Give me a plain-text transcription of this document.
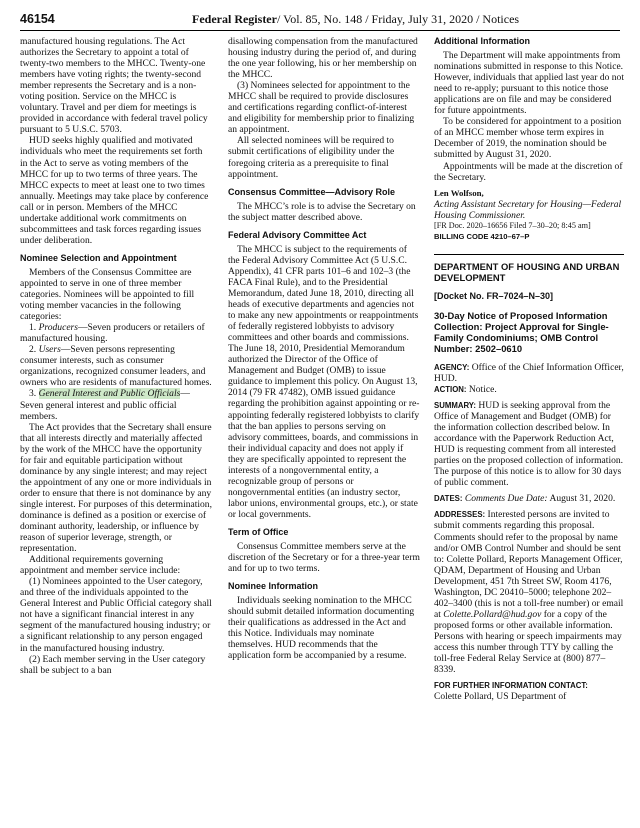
46154	Federal Register/ Vol. 85, No. 148 / Friday, July 31, 2020 / Notices

manufactured housing regulations. The Act authorizes the Secretary to appoint a total of twenty-two members to the MHCC. Twenty-one members have voting rights; the twenty-second member represents the Secretary and is a non-voting position. Service on the MHCC is voluntary. Travel and per diem for meetings is provided in accordance with federal travel policy pursuant to 5 U.S.C. 5703.

HUD seeks highly qualified and motivated individuals who meet the requirements set forth in the Act to serve as voting members of the MHCC for up to two terms of three years. The MHCC expects to meet at least one to two times annually. Meetings may take place by conference call or in person. Members of the MHCC undertake additional work commitments on subcommittees and task forces regarding issues under deliberation.

Nominee Selection and Appointment

Members of the Consensus Committee are appointed to serve in one of three member categories. Nominees will be appointed to fill voting member vacancies in the following categories:

1. Producers—Seven producers or retailers of manufactured housing.

2. Users—Seven persons representing consumer interests, such as consumer organizations, recognized consumer leaders, and owners who are residents of manufactured homes.

3. General Interest and Public Officials—Seven general interest and public official members.

The Act provides that the Secretary shall ensure that all interests directly and materially affected by the work of the MHCC have the opportunity for fair and equitable participation without dominance by any single interest; and may reject the appointment of any one or more individuals in order to ensure that there is not dominance by any single interest. For purposes of this determination, dominance is defined as a position or exercise of dominant authority, leadership, or influence by reason of superior leverage, strength, or representation.

Additional requirements governing appointment and member service include:

(1) Nominees appointed to the User category, and three of the individuals appointed to the General Interest and Public Official category shall not have a significant financial interest in any segment of the manufactured housing industry; or a significant relationship to any person engaged in the manufactured housing industry.

(2) Each member serving in the User category shall be subject to a ban

disallowing compensation from the manufactured housing industry during the period of, and during the one year following, his or her membership on the MHCC.

(3) Nominees selected for appointment to the MHCC shall be required to provide disclosures and certifications regarding conflict-of-interest and eligibility for membership prior to finalizing an appointment.

All selected nominees will be required to submit certifications of eligibility under the foregoing criteria as a prerequisite to final appointment.

Consensus Committee—Advisory Role

The MHCC’s role is to advise the Secretary on the subject matter described above.

Federal Advisory Committee Act

The MHCC is subject to the requirements of the Federal Advisory Committee Act (5 U.S.C. Appendix), 41 CFR parts 101–6 and 102–3 (the FACA Final Rule), and to the Presidential Memorandum, dated June 18, 2010, directing all heads of executive departments and agencies not to make any new appointments or reappointments of federally registered lobbyists to advisory committees and other boards and commissions. The June 18, 2010, Presidential Memorandum authorized the Director of the Office of Management and Budget (OMB) to issue guidance to implement this policy. On August 13, 2014 (79 FR 47482), OMB issued guidance regarding the prohibition against appointing or re-appointing federally registered lobbyists to clarify that the ban applies to persons serving on advisory committees, boards, and commissions in their individual capacity and does not apply if they are specifically appointed to represent the interests of a nongovernmental entity, a recognizable group of persons or nongovernmental entities (an industry sector, labor unions, environmental groups, etc.), or state or local governments.

Term of Office

Consensus Committee members serve at the discretion of the Secretary or for a three-year term and for up to two terms.

Nominee Information

Individuals seeking nomination to the MHCC should submit detailed information documenting their qualifications as addressed in the Act and this Notice. Individuals may nominate themselves. HUD recommends that the application form be accompanied by a resume.

Additional Information

The Department will make appointments from nominations submitted in response to this Notice. However, individuals that applied last year do not need to re-apply; pursuant to this notice those applications are on file and may be considered for future appointments.

To be considered for appointment to a position of an MHCC member whose term expires in December of 2019, the nomination should be submitted by August 31, 2020.

Appointments will be made at the discretion of the Secretary.

Len Wolfson,

Acting Assistant Secretary for Housing—Federal Housing Commissioner.

[FR Doc. 2020–16656 Filed 7–30–20; 8:45 am]

BILLING CODE 4210–67–P

DEPARTMENT OF HOUSING AND URBAN DEVELOPMENT
[Docket No. FR–7024–N–30]
30-Day Notice of Proposed Information Collection: Project Approval for Single-Family Condominiums; OMB Control Number: 2502–0610

AGENCY: Office of the Chief Information Officer, HUD.

ACTION: Notice.

SUMMARY: HUD is seeking approval from the Office of Management and Budget (OMB) for the information collection described below. In accordance with the Paperwork Reduction Act, HUD is requesting comment from all interested parties on the proposed collection of information. The purpose of this notice is to allow for 30 days of public comment.

DATES: Comments Due Date: August 31, 2020.

ADDRESSES: Interested persons are invited to submit comments regarding this proposal. Comments should refer to the proposal by name and/or OMB Control Number and should be sent to: Colette Pollard, Reports Management Officer, QDAM, Department of Housing and Urban Development, 451 7th Street SW, Room 4176, Washington, DC 20410–5000; telephone 202–402–3400 (this is not a toll-free number) or email at Colette.Pollard@hud.gov for a copy of the proposed forms or other available information. Persons with hearing or speech impairments may access this number through TTY by calling the toll-free Federal Relay Service at (800) 877–8339.

FOR FURTHER INFORMATION CONTACT:
Colette Pollard, US Department of
